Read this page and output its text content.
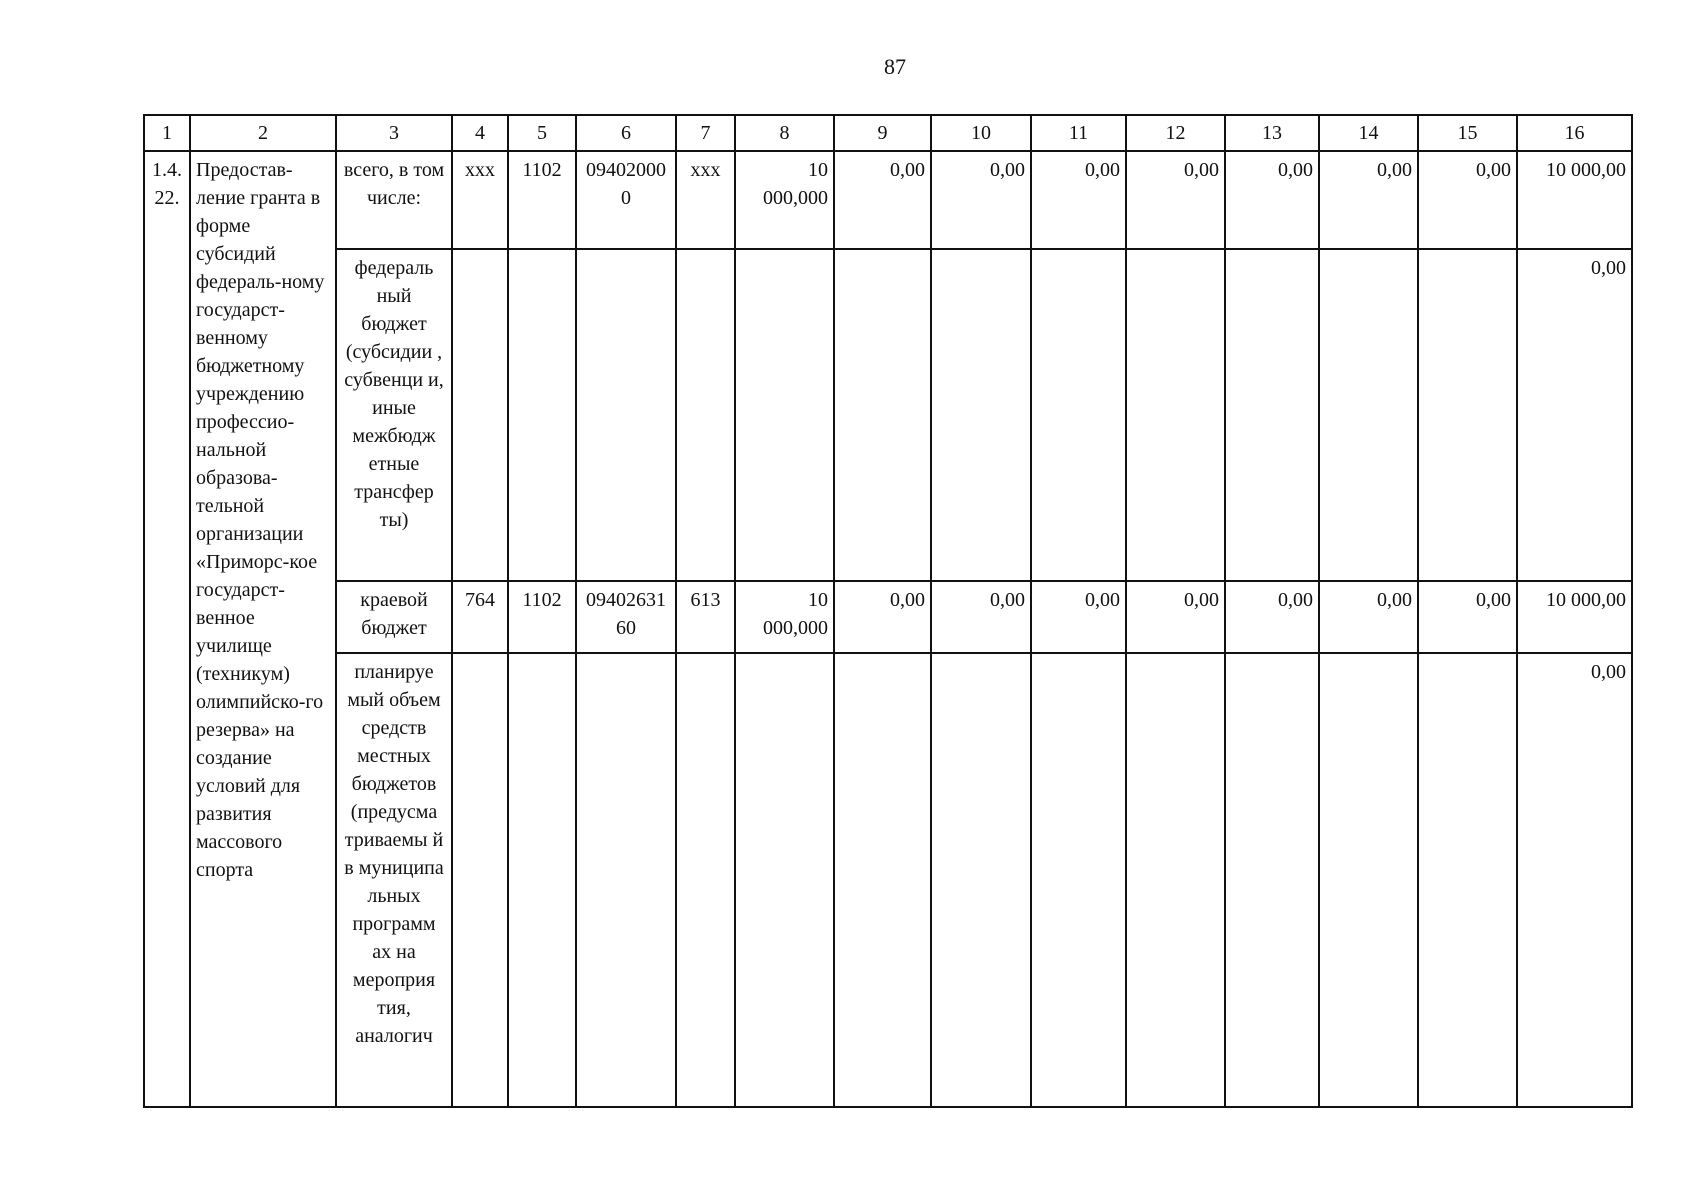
87
1	2	3	4	5	6	7	8	9	10	11	12	13	14	15	16
1.4.22.	Предостав-ление гранта в форме субсидий федераль-ному государст-венному бюджетному учреждению профессио-нальной образова-тельной организации «Приморс-кое государст-венное училище (техникум) олимпийско-го резерва» на создание условий для развития массового спорта	всего, в том числе:	ххх	1102	094020000	ххх	10 000,000	0,00	0,00	0,00	0,00	0,00	0,00	0,00	10 000,00
		федераль ный бюджет (субсидии , субвенци и, иные межбюдж етные трансфер ты)													0,00
		краевой бюджет	764	1102	0940263160	613	10 000,000	0,00	0,00	0,00	0,00	0,00	0,00	0,00	10 000,00
		планируе мый объем средств местных бюджетов (предусма триваемы й в муниципа льных программ ах на мероприя тия, аналогич													0,00
